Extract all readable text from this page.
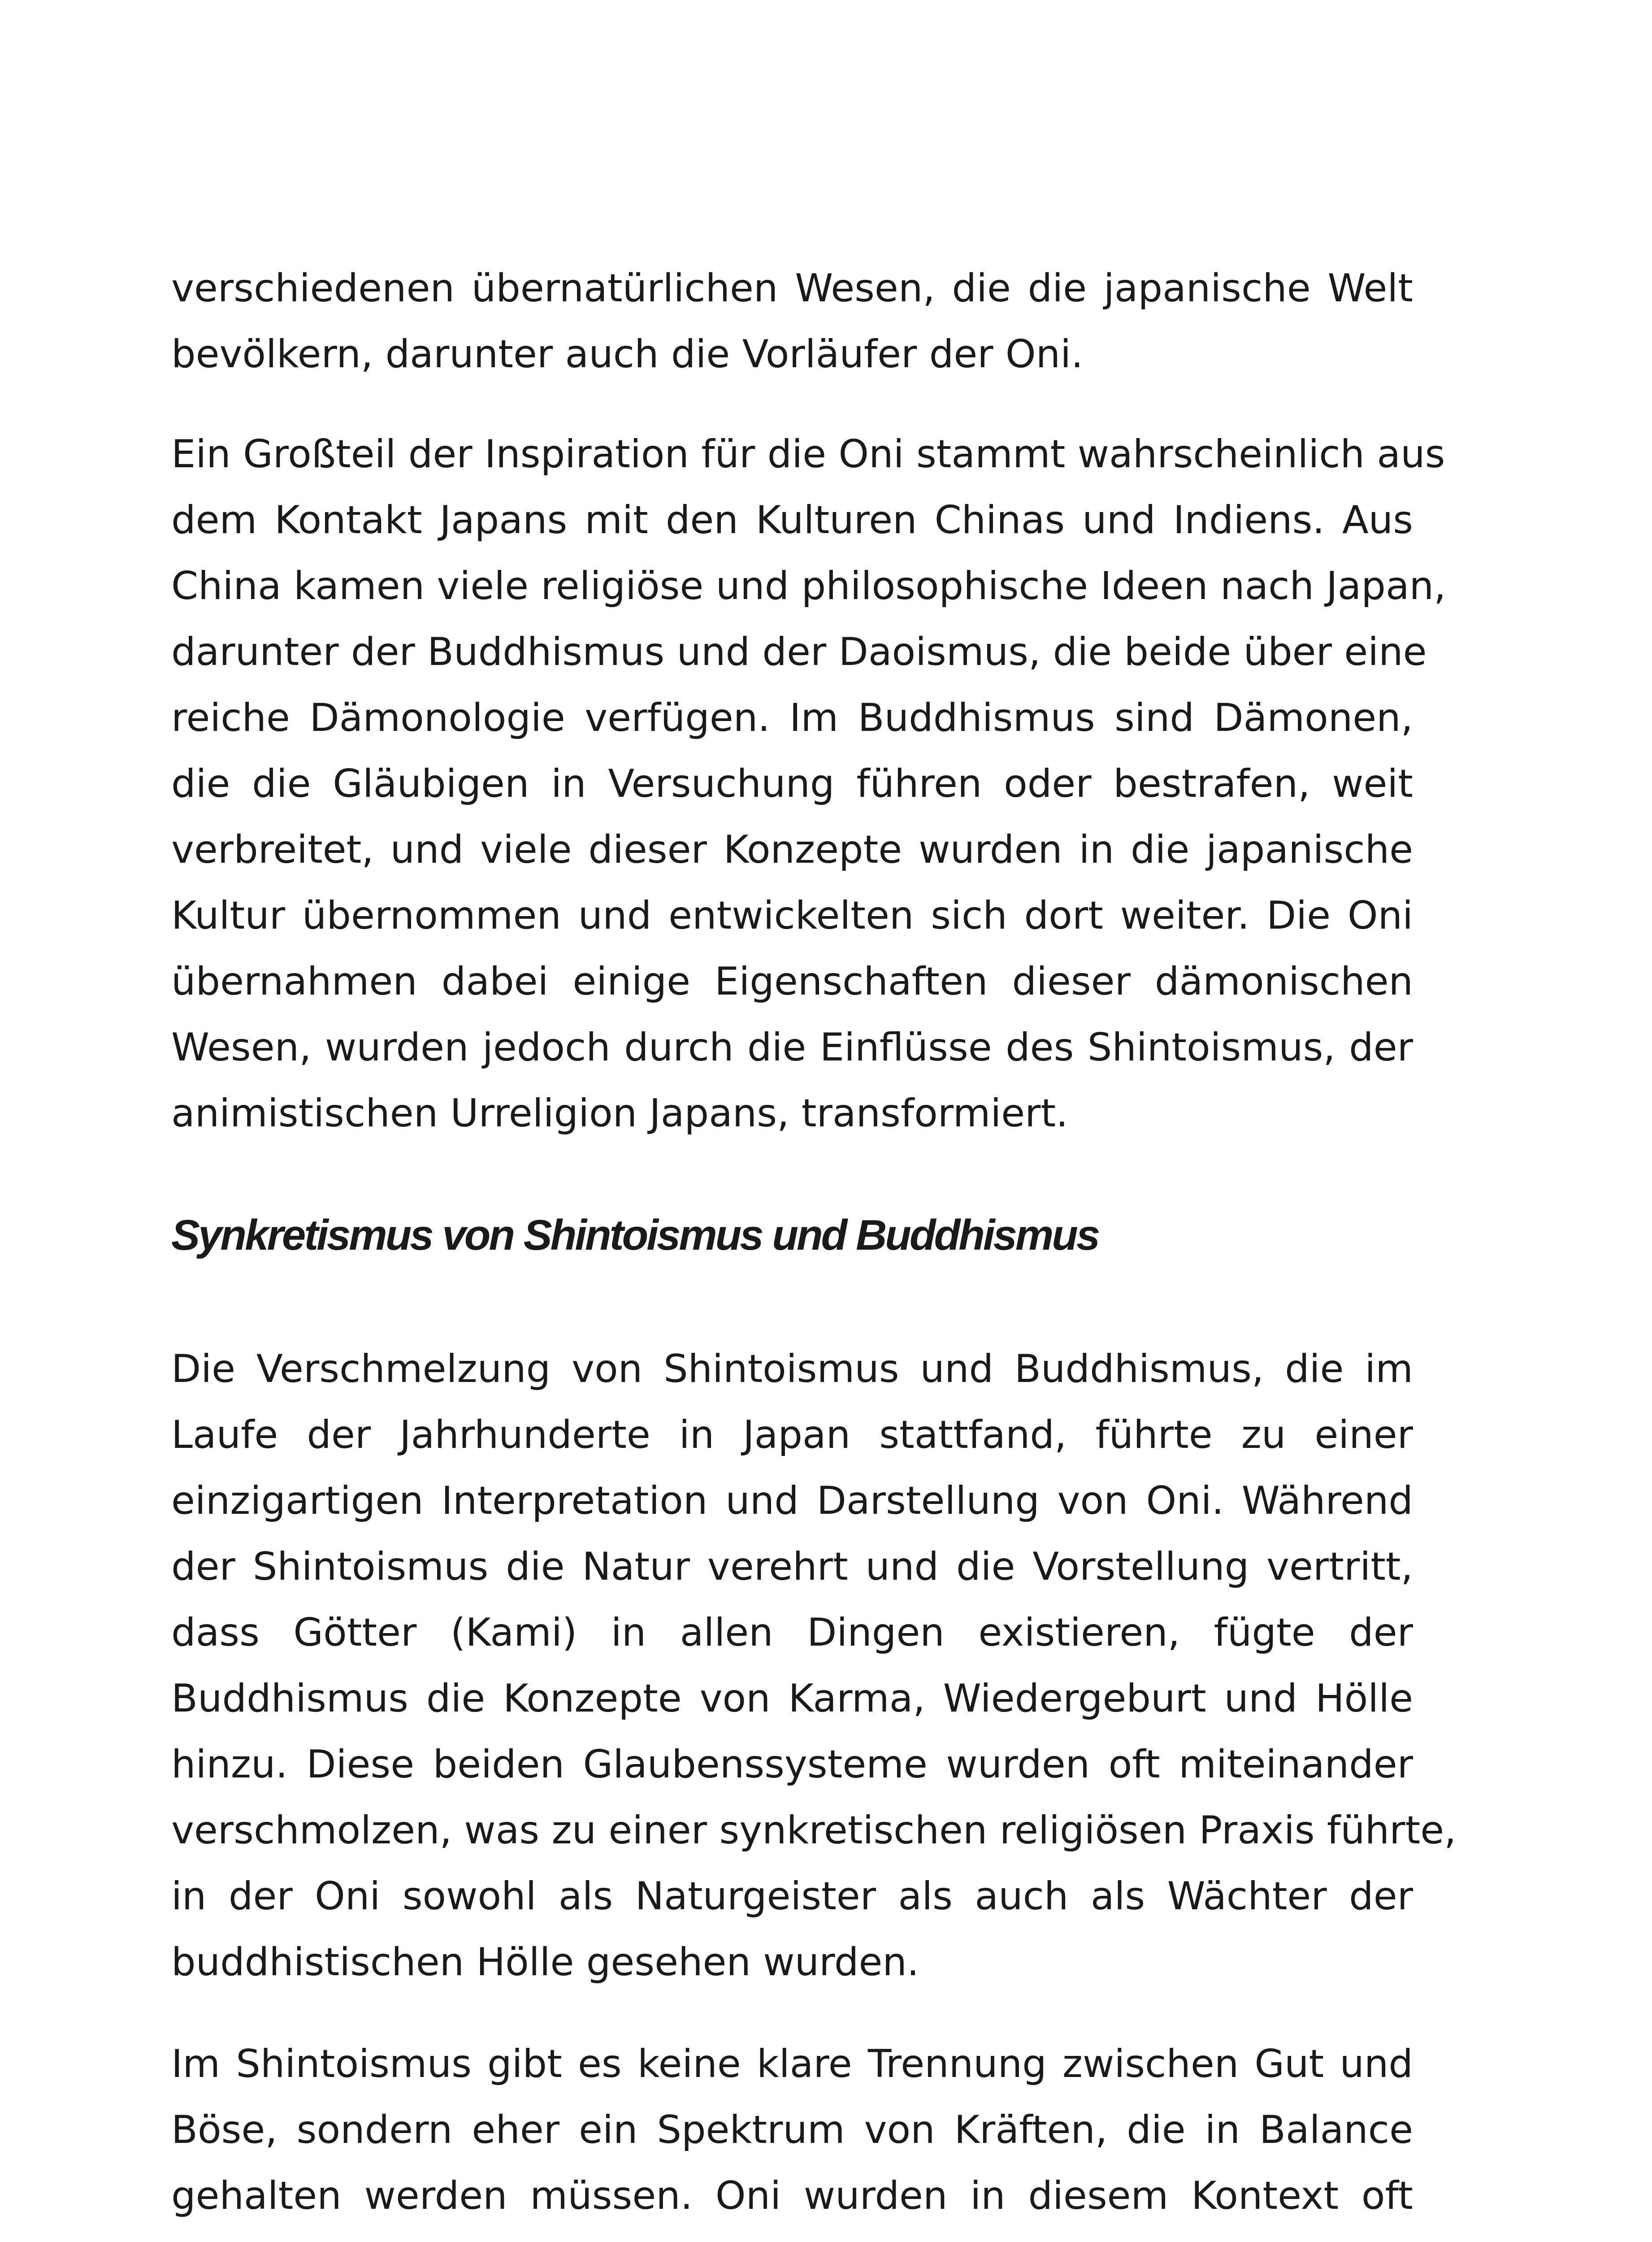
verschiedenen übernatürlichen Wesen, die die japanische Welt
bevölkern, darunter auch die Vorläufer der Oni.

Ein Großteil der Inspiration für die Oni stammt wahrscheinlich aus
dem Kontakt Japans mit den Kulturen Chinas und Indiens. Aus
China kamen viele religiöse und philosophische Ideen nach Japan,
darunter der Buddhismus und der Daoismus, die beide über eine
reiche Dämonologie verfügen. Im Buddhismus sind Dämonen,
die die Gläubigen in Versuchung führen oder bestrafen, weit
verbreitet, und viele dieser Konzepte wurden in die japanische
Kultur übernommen und entwickelten sich dort weiter. Die Oni
übernahmen dabei einige Eigenschaften dieser dämonischen
Wesen, wurden jedoch durch die Einflüsse des Shintoismus, der
animistischen Urreligion Japans, transformiert.

Synkretismus von Shintoismus und Buddhismus

Die Verschmelzung von Shintoismus und Buddhismus, die im
Laufe der Jahrhunderte in Japan stattfand, führte zu einer
einzigartigen Interpretation und Darstellung von Oni. Während
der Shintoismus die Natur verehrt und die Vorstellung vertritt,
dass Götter (Kami) in allen Dingen existieren, fügte der
Buddhismus die Konzepte von Karma, Wiedergeburt und Hölle
hinzu. Diese beiden Glaubenssysteme wurden oft miteinander
verschmolzen, was zu einer synkretischen religiösen Praxis führte,
in der Oni sowohl als Naturgeister als auch als Wächter der
buddhistischen Hölle gesehen wurden.

Im Shintoismus gibt es keine klare Trennung zwischen Gut und
Böse, sondern eher ein Spektrum von Kräften, die in Balance
gehalten werden müssen. Oni wurden in diesem Kontext oft
